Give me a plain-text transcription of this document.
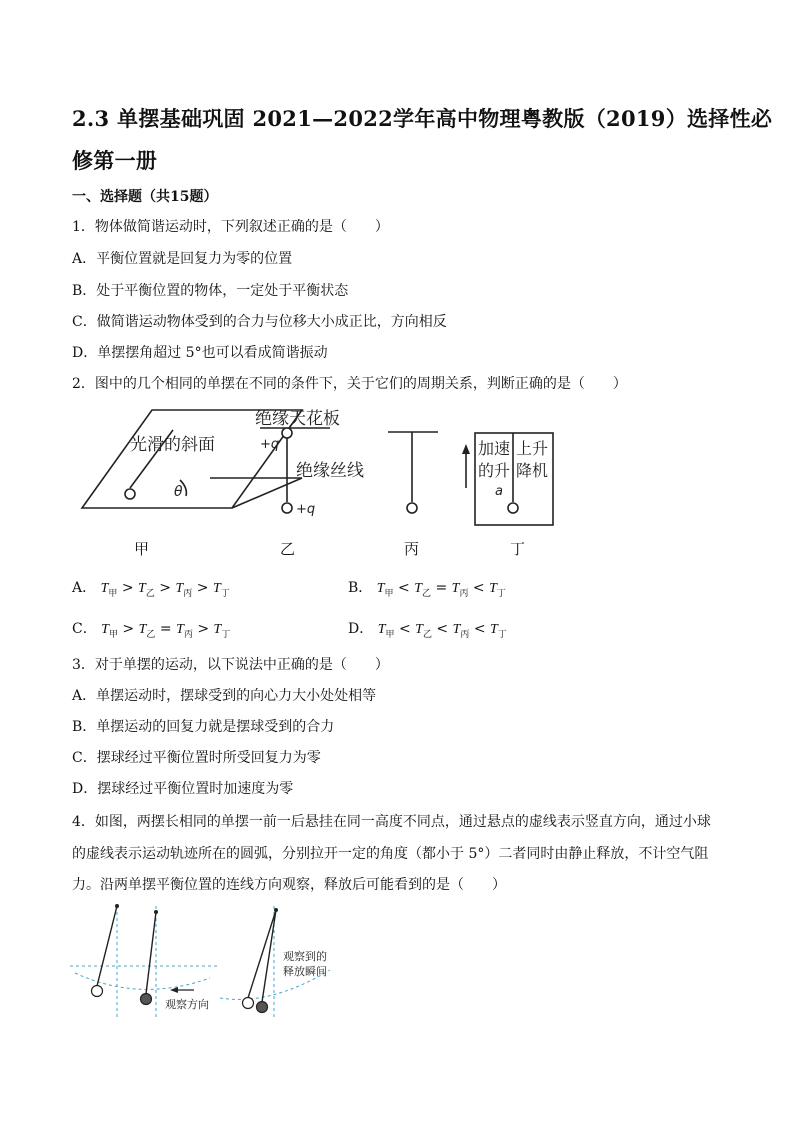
2.3 单摆基础巩固 2021—2022学年高中物理粤教版（2019）选择性必
修第一册
一、选择题（共15题）
1．物体做简谐运动时，下列叙述正确的是（　　）
A．平衡位置就是回复力为零的位置
B．处于平衡位置的物体，一定处于平衡状态
C．做简谐运动物体受到的合力与位移大小成正比，方向相反
D．单摆摆角超过 5°也可以看成简谐振动
2．图中的几个相同的单摆在不同的条件下，关于它们的周期关系，判断正确的是（　　）
光滑的斜面
θ
绝缘天花板
+q
绝缘丝线
+q
加速
的升
上升
降机
a
甲	乙	丙	丁
A． $T_甲 > T_乙 > T_丙 > T_丁$	B． $T_甲 < T_乙 = T_丙 < T_丁$
C． $T_甲 > T_乙 = T_丙 > T_丁$	D． $T_甲 < T_乙 < T_丙 < T_丁$
3．对于单摆的运动，以下说法中正确的是（　　）
A．单摆运动时，摆球受到的向心力大小处处相等
B．单摆运动的回复力就是摆球受到的合力
C．摆球经过平衡位置时所受回复力为零
D．摆球经过平衡位置时加速度为零
4．如图，两摆长相同的单摆一前一后悬挂在同一高度不同点，通过悬点的虚线表示竖直方向，通过小球
的虚线表示运动轨迹所在的圆弧，分别拉开一定的角度（都小于 5°）二者同时由静止释放，不计空气阻
力。沿两单摆平衡位置的连线方向观察，释放后可能看到的是（　　）
观察方向
观察到的
释放瞬间
